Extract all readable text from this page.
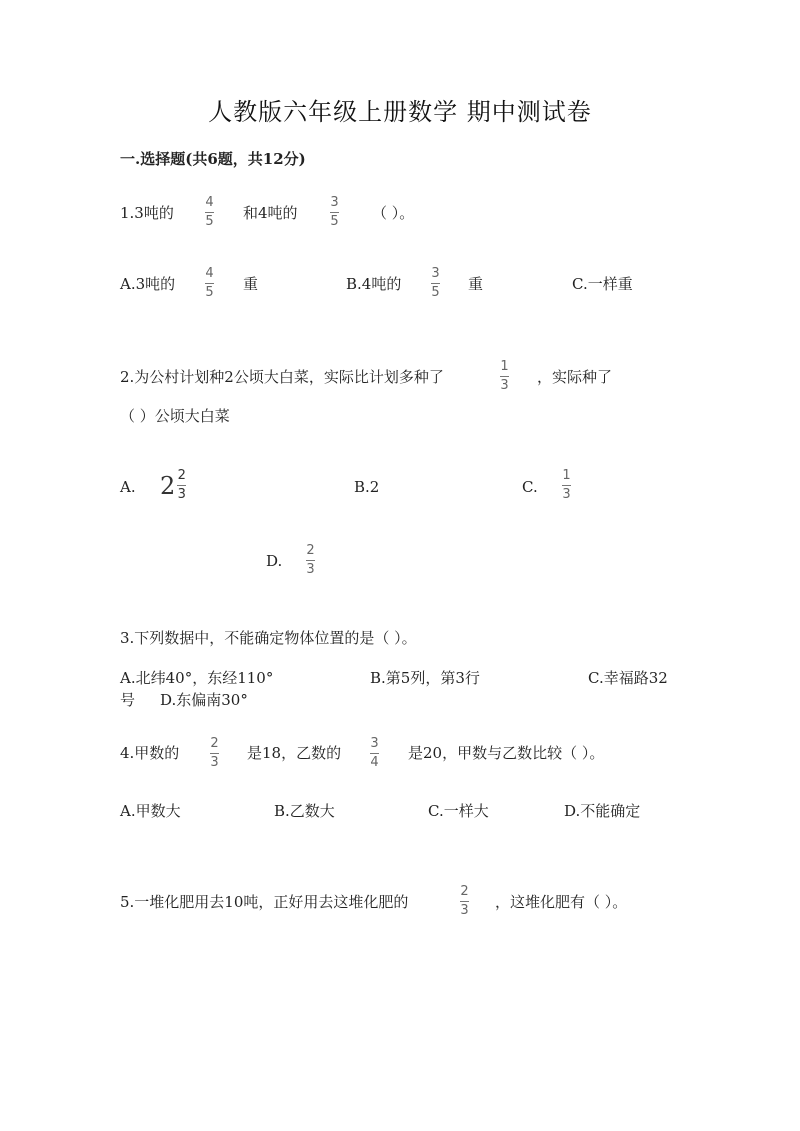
人教版六年级上册数学 期中测试卷
一.选择题(共6题，共12分)
1.3吨的
4
5 和4吨的
3
5 （ ）。
A.3吨的
4
5 重	B.4吨的
3
5 重	C.一样重
2.为公村计划种2公顷大白菜，实际比计划多种了
1
3 ，实际种了
（ ）公顷大白菜
A. $2 \frac{2}{3}$	B.2	C.
1
3
D.
2
3
3.下列数据中，不能确定物体位置的是（ ）。
A.北纬40°，东经110°	B.第5列，第3行	C.幸福路32
号 D.东偏南30°
4.甲数的
2
3
是18，乙数的
3
4
是20，甲数与乙数比较（ ）。
A.甲数大	B.乙数大	C.一样大	D.不能确定
5.一堆化肥用去10吨，正好用去这堆化肥的
2
3 ，这堆化肥有（ ）。
